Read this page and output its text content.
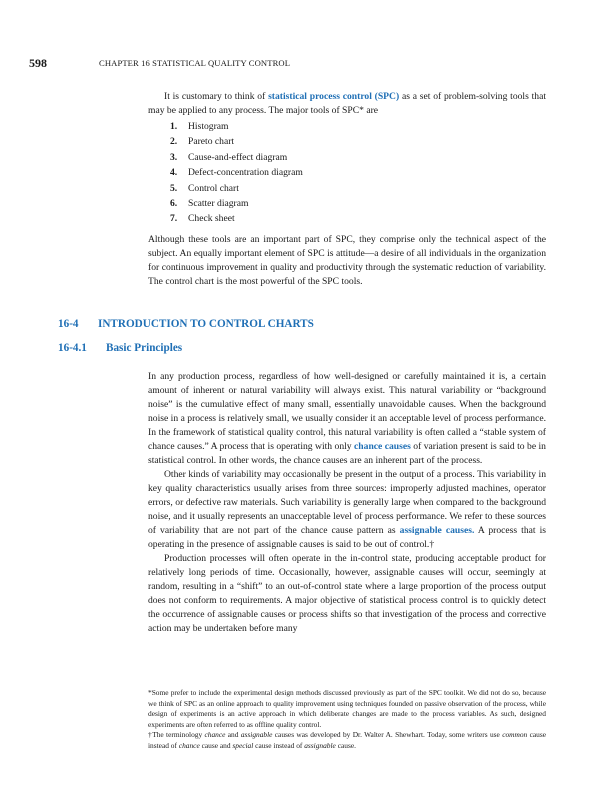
598	CHAPTER 16 STATISTICAL QUALITY CONTROL

It is customary to think of statistical process control (SPC) as a set of problem-solving tools that may be applied to any process. The major tools of SPC* are

1. Histogram
2. Pareto chart
3. Cause-and-effect diagram
4. Defect-concentration diagram
5. Control chart
6. Scatter diagram
7. Check sheet

Although these tools are an important part of SPC, they comprise only the technical aspect of the subject. An equally important element of SPC is attitude—a desire of all individuals in the organization for continuous improvement in quality and productivity through the systematic reduction of variability. The control chart is the most powerful of the SPC tools.

16-4 INTRODUCTION TO CONTROL CHARTS
16-4.1 Basic Principles
In any production process, regardless of how well-designed or carefully maintained it is, a certain amount of inherent or natural variability will always exist. This natural variability or “background noise” is the cumulative effect of many small, essentially unavoidable causes. When the background noise in a process is relatively small, we usually consider it an acceptable level of process performance. In the framework of statistical quality control, this natural variability is often called a “stable system of chance causes.” A process that is operating with only chance causes of variation present is said to be in statistical control. In other words, the chance causes are an inherent part of the process.
Other kinds of variability may occasionally be present in the output of a process. This variability in key quality characteristics usually arises from three sources: improperly adjusted machines, operator errors, or defective raw materials. Such variability is generally large when compared to the background noise, and it usually represents an unacceptable level of process performance. We refer to these sources of variability that are not part of the chance cause pattern as assignable causes. A process that is operating in the presence of assignable causes is said to be out of control.†
Production processes will often operate in the in-control state, producing acceptable product for relatively long periods of time. Occasionally, however, assignable causes will occur, seemingly at random, resulting in a “shift” to an out-of-control state where a large proportion of the process output does not conform to requirements. A major objective of statistical process control is to quickly detect the occurrence of assignable causes or process shifts so that investigation of the process and corrective action may be undertaken before many

*Some prefer to include the experimental design methods discussed previously as part of the SPC toolkit. We did not do so, because we think of SPC as an online approach to quality improvement using techniques founded on passive observation of the process, while design of experiments is an active approach in which deliberate changes are made to the process variables. As such, designed experiments are often referred to as offline quality control.

†The terminology chance and assignable causes was developed by Dr. Walter A. Shewhart. Today, some writers use common cause instead of chance cause and special cause instead of assignable cause.
